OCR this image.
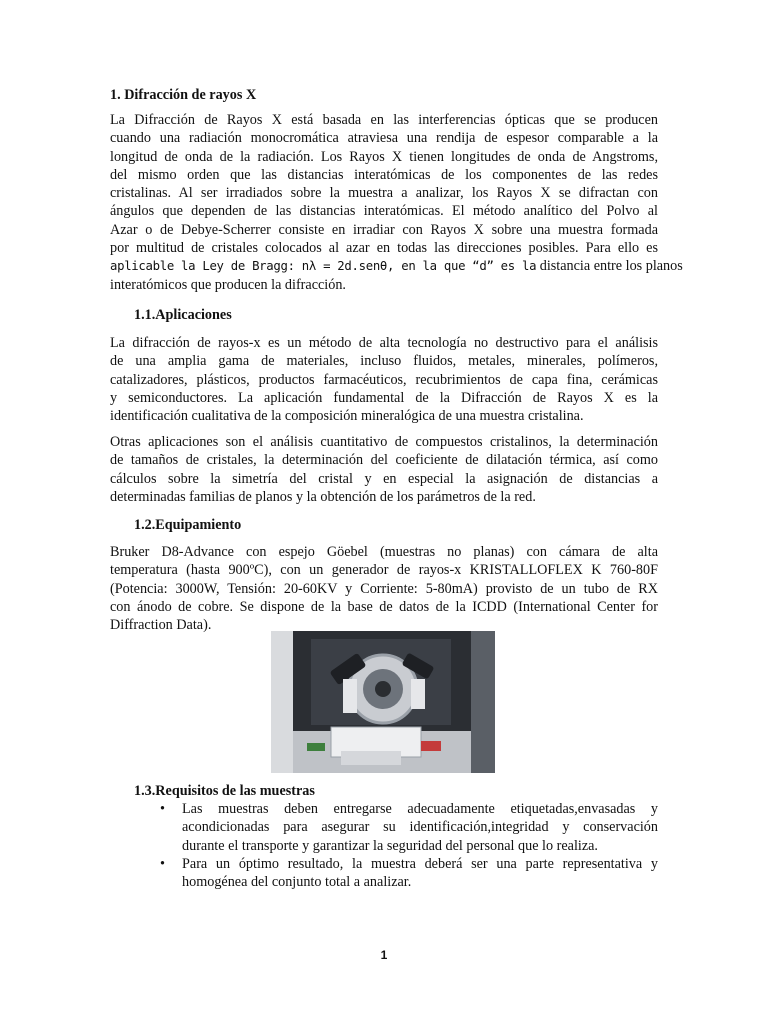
1. Difracción de rayos X
La Difracción de Rayos X está basada en las interferencias ópticas que se producen
cuando una radiación monocromática atraviesa una rendija de espesor comparable a la
longitud de onda de la radiación. Los Rayos X tienen longitudes de onda de Angstroms,
del mismo orden que las distancias interatómicas de los componentes de las redes
cristalinas. Al ser irradiados sobre la muestra a analizar, los Rayos X se difractan con
ángulos que dependen de las distancias interatómicas. El método analítico del Polvo al
Azar o de Debye-Scherrer consiste en irradiar con Rayos X sobre una muestra formada
por multitud de cristales colocados al azar en todas las direcciones posibles. Para ello es
aplicable la Ley de Bragg: nλ = 2d.senθ, en la que “d” es la distancia entre los planos
interatómicos que producen la difracción.
1.1.Aplicaciones
La difracción de rayos-x es un método de alta tecnología no destructivo para el análisis
de una amplia gama de materiales, incluso fluidos, metales, minerales, polímeros,
catalizadores, plásticos, productos farmacéuticos, recubrimientos de capa fina, cerámicas
y semiconductores. La aplicación fundamental de la Difracción de Rayos X es la
identificación cualitativa de la composición mineralógica de una muestra cristalina.
Otras aplicaciones son el análisis cuantitativo de compuestos cristalinos, la determinación
de tamaños de cristales, la determinación del coeficiente de dilatación térmica, así como
cálculos sobre la simetría del cristal y en especial la asignación de distancias a
determinadas familias de planos y la obtención de los parámetros de la red.
1.2.Equipamiento
Bruker D8-Advance con espejo Göebel (muestras no planas) con cámara de alta
temperatura (hasta 900ºC), con un generador de rayos-x KRISTALLOFLEX K 760-80F
(Potencia: 3000W, Tensión: 20-60KV y Corriente: 5-80mA) provisto de un tubo de RX
con ánodo de cobre. Se dispone de la base de datos de la ICDD (International Center for
Diffraction Data).
1.3.Requisitos de las muestras
• Las muestras deben entregarse adecuadamente etiquetadas,envasadas y
acondicionadas para asegurar su identificación,integridad y conservación
durante el transporte y garantizar la seguridad del personal que lo realiza.
• Para un óptimo resultado, la muestra deberá ser una parte representativa y
homogénea del conjunto total a analizar.
1
